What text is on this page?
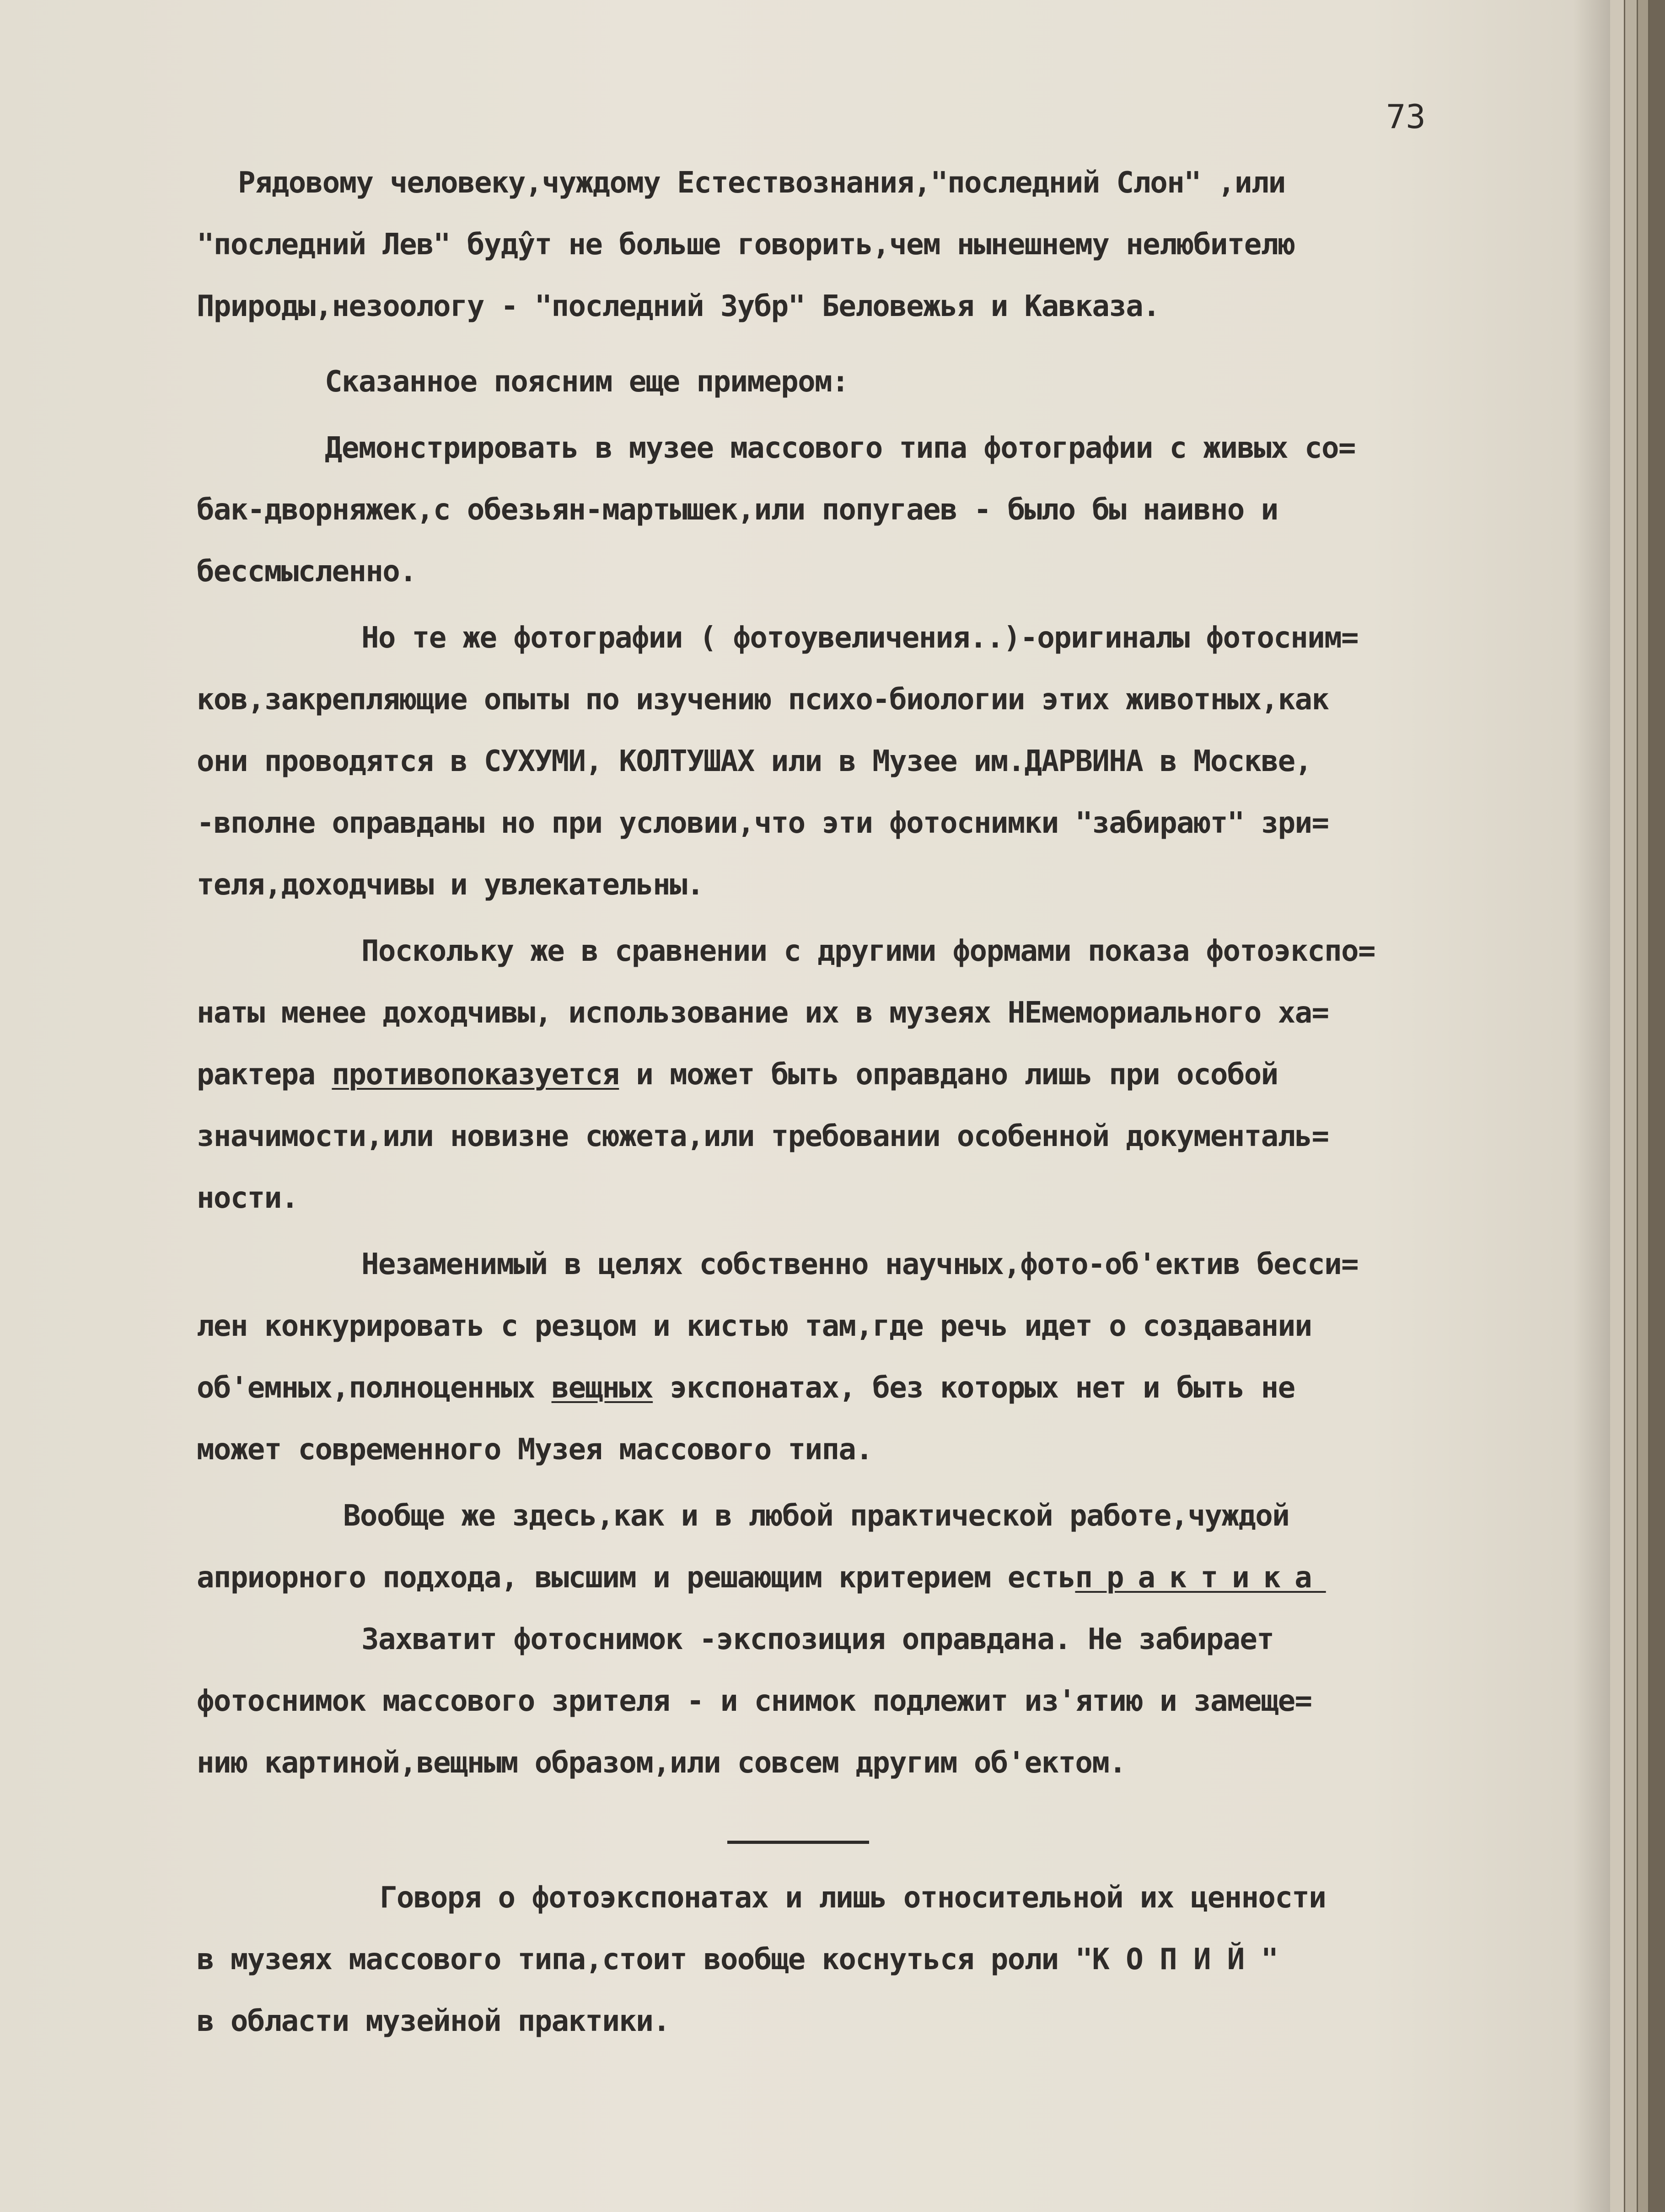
73

Рядовому человеку,чуждому Естествознания,"последний Слон" ,или

"последний Лев" буду̂т не больше говорить,чем нынешнему нелюбителю

Природы,незоологу - "последний Зубр" Беловежья и Кавказа.

Сказанное поясним еще примером:

Демонстрировать в музее массового типа фотографии с живых со=

бак-дворняжек,с обезьян-мартышек,или попугаев - было бы наивно и

бессмысленно.

Но те же фотографии ( фотоувеличения..)-оригиналы фотосним=

ков,закрепляющие опыты по изучению психо-биологии этих животных,как

они проводятся в СУХУМИ, КОЛТУШАХ или в Музее им.ДАРВИНА в Москве,

-вполне оправданы но при условии,что эти фотоснимки "забирают" зри=

теля,доходчивы и увлекательны.

Поскольку же в сравнении с другими формами показа фотоэкспо=

наты менее доходчивы, использование их в музеях НЕмемориального ха=

рактера противопоказуется и может быть оправдано лишь при особой

значимости,или новизне сюжета,или требовании особенной документаль=

ности.

Незаменимый в целях собственно научных,фото-об'ектив бесси=

лен конкурировать с резцом и кистью там,где речь идет о создавании

об'емных,полноценных вещных экспонатах, без которых нет и быть не

может современного Музея массового типа.

Вообще же здесь,как и в любой практической работе,чуждой

априорного подхода, высшим и решающим критерием естьпрактика

Захватит фотоснимок -экспозиция оправдана. Не забирает

фотоснимок массового зрителя - и снимок подлежит из'ятию и замеще=

нию картиной,вещным образом,или совсем другим об'ектом.

Говоря о фотоэкспонатах и лишь относительной их ценности

в музеях массового типа,стоит вообще коснуться роли "К О П И Й "

в области музейной практики.
